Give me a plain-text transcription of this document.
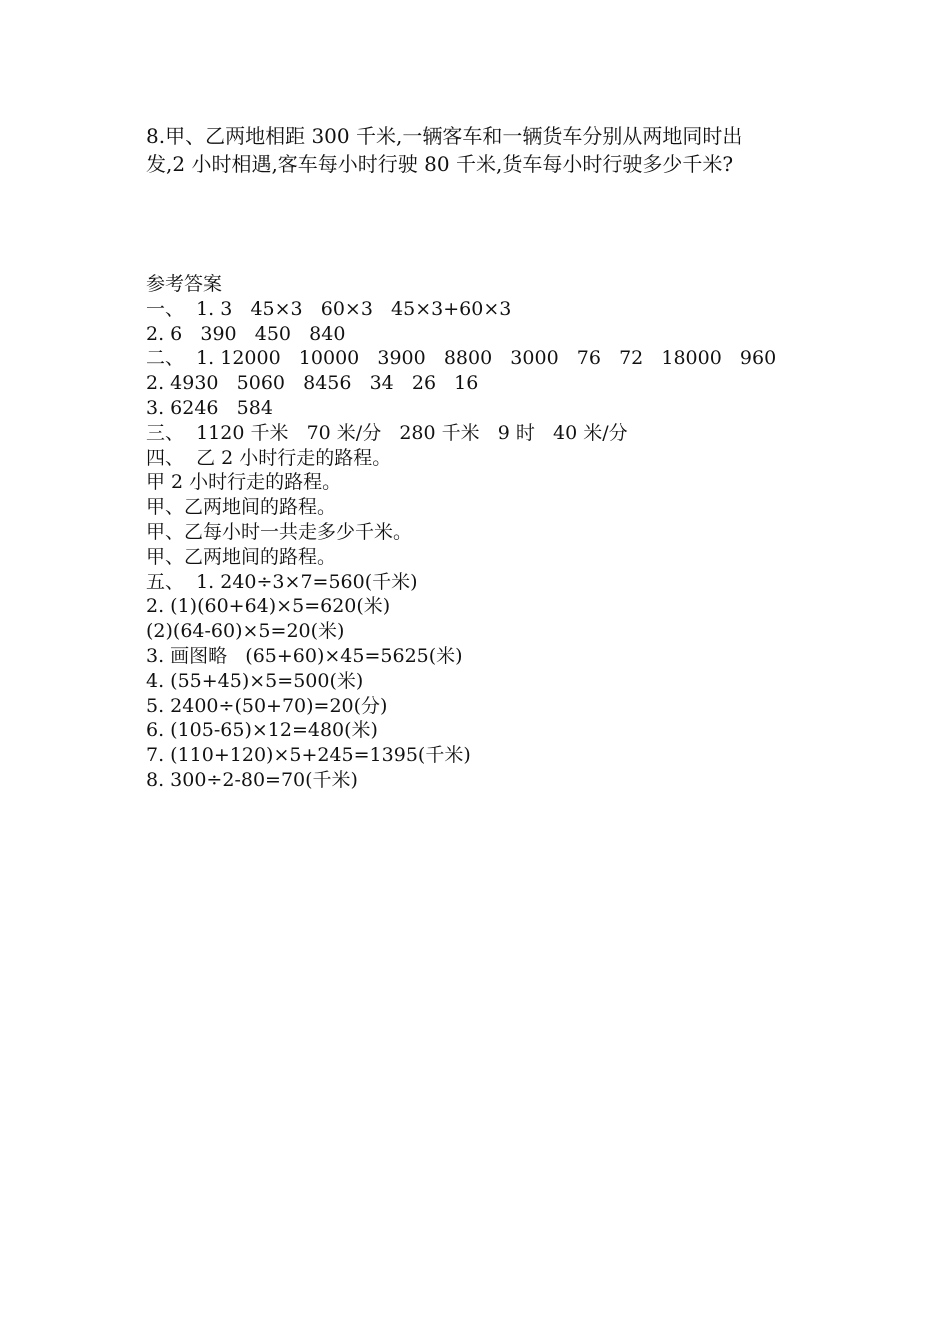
8.甲、乙两地相距 300 千米,一辆客车和一辆货车分别从两地同时出

发,2 小时相遇,客车每小时行驶 80 千米,货车每小时行驶多少千米?

参考答案
一、  1. 3   45×3   60×3   45×3+60×3
2. 6   390   450   840
二、  1. 12000   10000   3900   8800   3000   76   72   18000   960
2. 4930   5060   8456   34   26   16
3. 6246   584
三、  1120 千米   70 米/分   280 千米   9 时   40 米/分
四、  乙 2 小时行走的路程。
甲 2 小时行走的路程。
甲、乙两地间的路程。
甲、乙每小时一共走多少千米。
甲、乙两地间的路程。
五、  1. 240÷3×7=560(千米)
2. (1)(60+64)×5=620(米)
(2)(64-60)×5=20(米)
3. 画图略   (65+60)×45=5625(米)
4. (55+45)×5=500(米)
5. 2400÷(50+70)=20(分)
6. (105-65)×12=480(米)
7. (110+120)×5+245=1395(千米)
8. 300÷2-80=70(千米)
